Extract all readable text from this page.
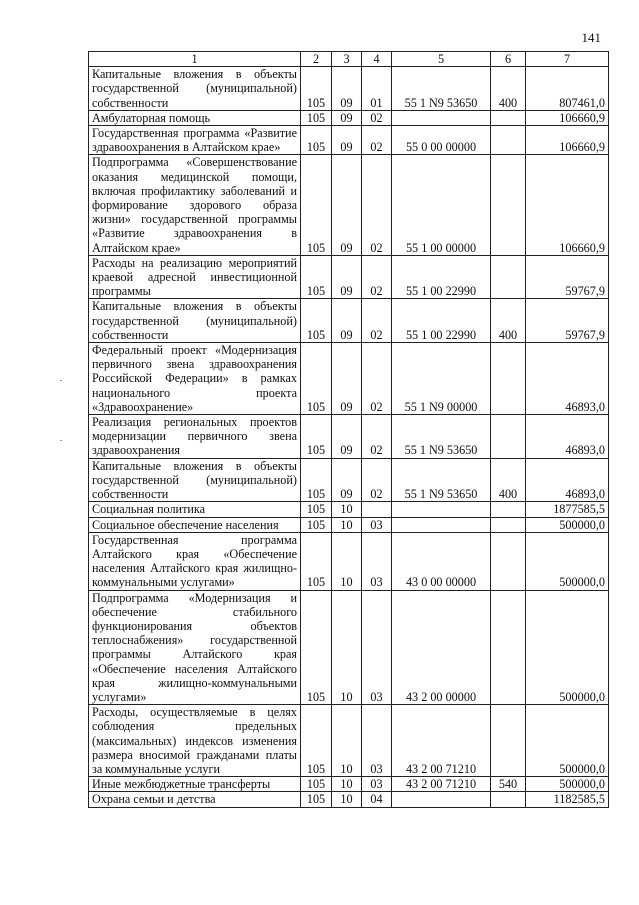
141
1	2	3	4	5	6	7
Капитальные вложения в объекты государственной (муниципальной) собственности	105	09	01	55 1 N9 53650	400	807461,0
Амбулаторная помощь	105	09	02			106660,9
Государственная программа «Развитие здравоохранения в Алтайском крае»	105	09	02	55 0 00 00000		106660,9
Подпрограмма «Совершенствование оказания медицинской помощи, включая профилактику заболеваний и формирование здорового образа жизни» государственной программы «Развитие здравоохранения в Алтайском крае»	105	09	02	55 1 00 00000		106660,9
Расходы на реализацию мероприятий краевой адресной инвестиционной программы	105	09	02	55 1 00 22990		59767,9
Капитальные вложения в объекты государственной (муниципальной) собственности	105	09	02	55 1 00 22990	400	59767,9
Федеральный проект «Модернизация первичного звена здравоохранения Российской Федерации» в рамках национального проекта «Здравоохранение»	105	09	02	55 1 N9 00000		46893,0
Реализация региональных проектов модернизации первичного звена здравоохранения	105	09	02	55 1 N9 53650		46893,0
Капитальные вложения в объекты государственной (муниципальной) собственности	105	09	02	55 1 N9 53650	400	46893,0
Социальная политика	105	10				1877585,5
Социальное обеспечение населения	105	10	03			500000,0
Государственная программа Алтайского края «Обеспечение населения Алтайского края жилищно-коммунальными услугами»	105	10	03	43 0 00 00000		500000,0
Подпрограмма «Модернизация и обеспечение стабильного функционирования объектов теплоснабжения» государственной программы Алтайского края «Обеспечение населения Алтайского края жилищно-коммунальными услугами»	105	10	03	43 2 00 00000		500000,0
Расходы, осуществляемые в целях соблюдения предельных (максимальных) индексов изменения размера вносимой гражданами платы за коммунальные услуги	105	10	03	43 2 00 71210		500000,0
Иные межбюджетные трансферты	105	10	03	43 2 00 71210	540	500000,0
Охрана семьи и детства	105	10	04			1182585,5
